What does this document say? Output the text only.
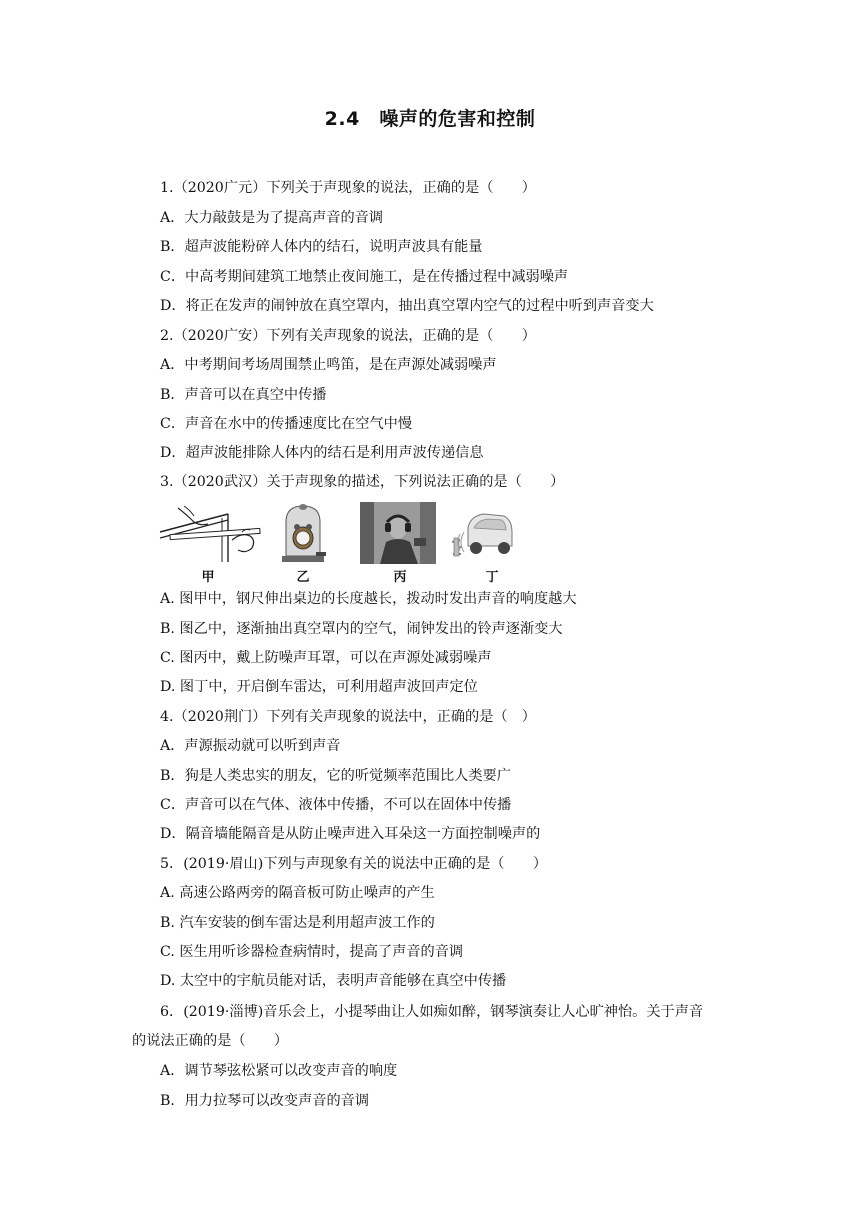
2.4　噪声的危害和控制
1.（2020广元）下列关于声现象的说法，正确的是（　　）
A．大力敲鼓是为了提高声音的音调
B．超声波能粉碎人体内的结石，说明声波具有能量
C．中高考期间建筑工地禁止夜间施工，是在传播过程中减弱噪声
D．将正在发声的闹钟放在真空罩内，抽出真空罩内空气的过程中听到声音变大
2.（2020广安）下列有关声现象的说法，正确的是（　　）
A．中考期间考场周围禁止鸣笛，是在声源处减弱噪声
B．声音可以在真空中传播
C．声音在水中的传播速度比在空气中慢
D．超声波能排除人体内的结石是利用声波传递信息
3.（2020武汉）关于声现象的描述，下列说法正确的是（　　）
甲	乙	丙	丁
A. 图甲中，钢尺伸出桌边的长度越长，拨动时发出声音的响度越大
B. 图乙中，逐渐抽出真空罩内的空气，闹钟发出的铃声逐渐变大
C. 图丙中，戴上防噪声耳罩，可以在声源处减弱噪声
D. 图丁中，开启倒车雷达，可利用超声波回声定位
4.（2020荆门）下列有关声现象的说法中，正确的是（　）
A．声源振动就可以听到声音
B．狗是人类忠实的朋友，它的听觉频率范围比人类要广
C．声音可以在气体、液体中传播，不可以在固体中传播
D．隔音墙能隔音是从防止噪声进入耳朵这一方面控制噪声的
5．(2019·眉山)下列与声现象有关的说法中正确的是（　　）
A. 高速公路两旁的隔音板可防止噪声的产生
B. 汽车安装的倒车雷达是利用超声波工作的
C. 医生用听诊器检查病情时，提高了声音的音调
D. 太空中的宇航员能对话，表明声音能够在真空中传播
6．(2019·淄博)音乐会上，小提琴曲让人如痴如醉，钢琴演奏让人心旷神怡。关于声音
的说法正确的是（　　）
A．调节琴弦松紧可以改变声音的响度
B．用力拉琴可以改变声音的音调
